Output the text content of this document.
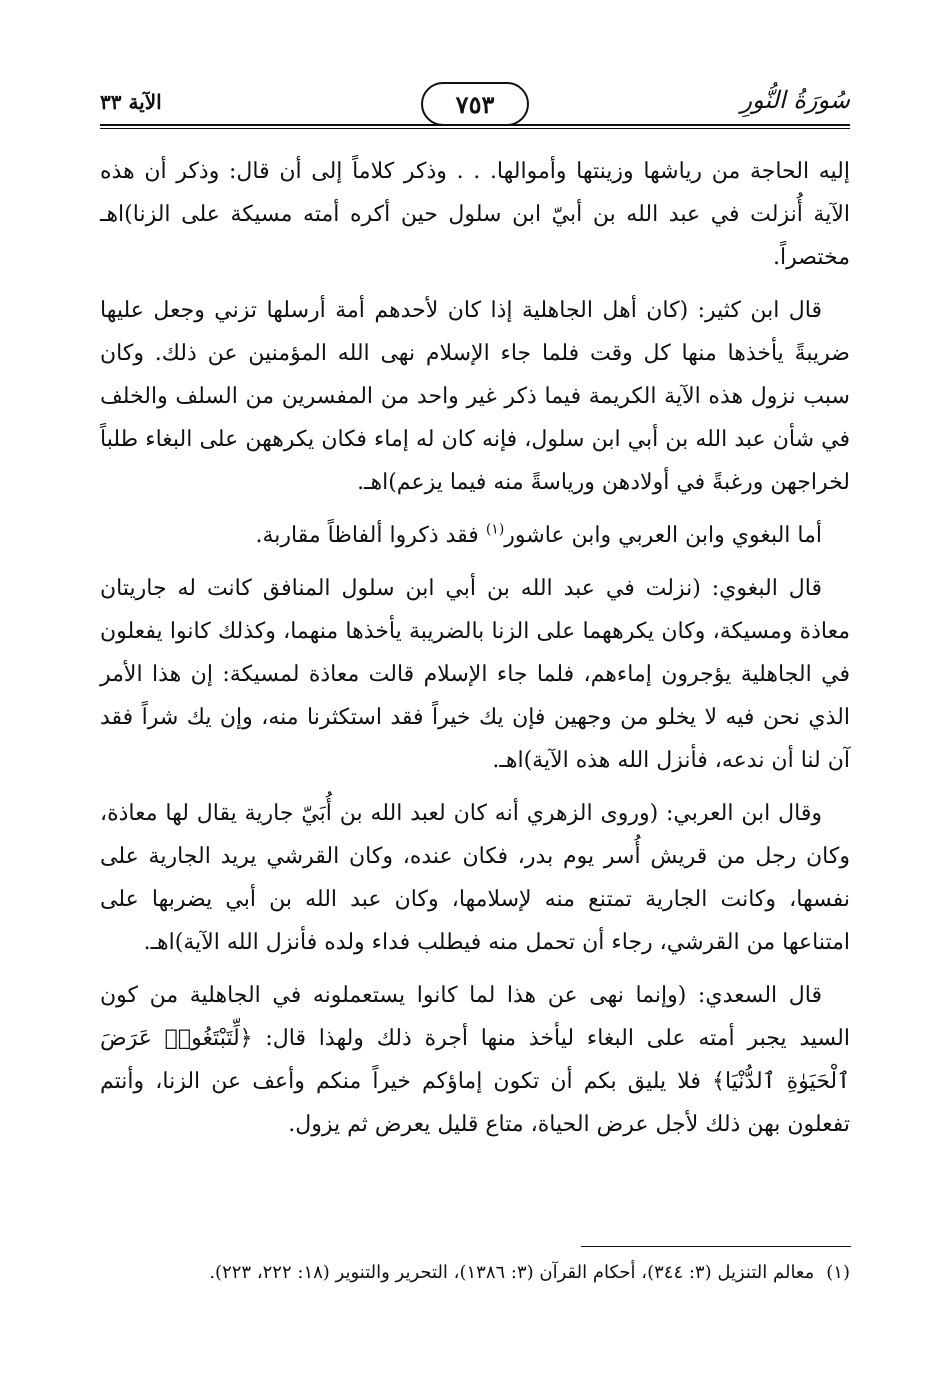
سُورَةُ النُّورِ
٧٥٣
الآية ٣٣

إليه الحاجة من رياشها وزينتها وأموالها. . . وذكر كلاماً إلى أن قال: وذكر أن هذه الآية أُنزلت في عبد الله بن أبيّ ابن سلول حين أكره أمته مسيكة على الزنا)اهـ مختصراً.

قال ابن كثير: (كان أهل الجاهلية إذا كان لأحدهم أمة أرسلها تزني وجعل عليها ضريبةً يأخذها منها كل وقت فلما جاء الإسلام نهى الله المؤمنين عن ذلك. وكان سبب نزول هذه الآية الكريمة فيما ذكر غير واحد من المفسرين من السلف والخلف في شأن عبد الله بن أبي ابن سلول، فإنه كان له إماء فكان يكرههن على البغاء طلباً لخراجهن ورغبةً في أولادهن ورياسةً منه فيما يزعم)اهـ.

أما البغوي وابن العربي وابن عاشور$^{(١)}$ فقد ذكروا ألفاظاً مقاربة.

قال البغوي: (نزلت في عبد الله بن أبي ابن سلول المنافق كانت له جاريتان معاذة ومسيكة، وكان يكرههما على الزنا بالضريبة يأخذها منهما، وكذلك كانوا يفعلون في الجاهلية يؤجرون إماءهم، فلما جاء الإسلام قالت معاذة لمسيكة: إن هذا الأمر الذي نحن فيه لا يخلو من وجهين فإن يك خيراً فقد استكثرنا منه، وإن يك شراً فقد آن لنا أن ندعه، فأنزل الله هذه الآية)اهـ.

وقال ابن العربي: (وروى الزهري أنه كان لعبد الله بن أُبَيّ جارية يقال لها معاذة، وكان رجل من قريش أُسر يوم بدر، فكان عنده، وكان القرشي يريد الجارية على نفسها، وكانت الجارية تمتنع منه لإسلامها، وكان عبد الله بن أبي يضربها على امتناعها من القرشي، رجاء أن تحمل منه فيطلب فداء ولده فأنزل الله الآية)اهـ.

قال السعدي: (وإنما نهى عن هذا لما كانوا يستعملونه في الجاهلية من كون السيد يجبر أمته على البغاء ليأخذ منها أجرة ذلك ولهذا قال: ﴿لِّتَبْتَغُوا۟ عَرَضَ ٱلْحَيَوٰةِ ٱلدُّنْيَا﴾ فلا يليق بكم أن تكون إماؤكم خيراً منكم وأعف عن الزنا، وأنتم تفعلون بهن ذلك لأجل عرض الحياة، متاع قليل يعرض ثم يزول.

(١)معالم التنزيل (٣: ٣٤٤)، أحكام القرآن (٣: ١٣٨٦)، التحرير والتنوير (١٨: ٢٢٢، ٢٢٣).
